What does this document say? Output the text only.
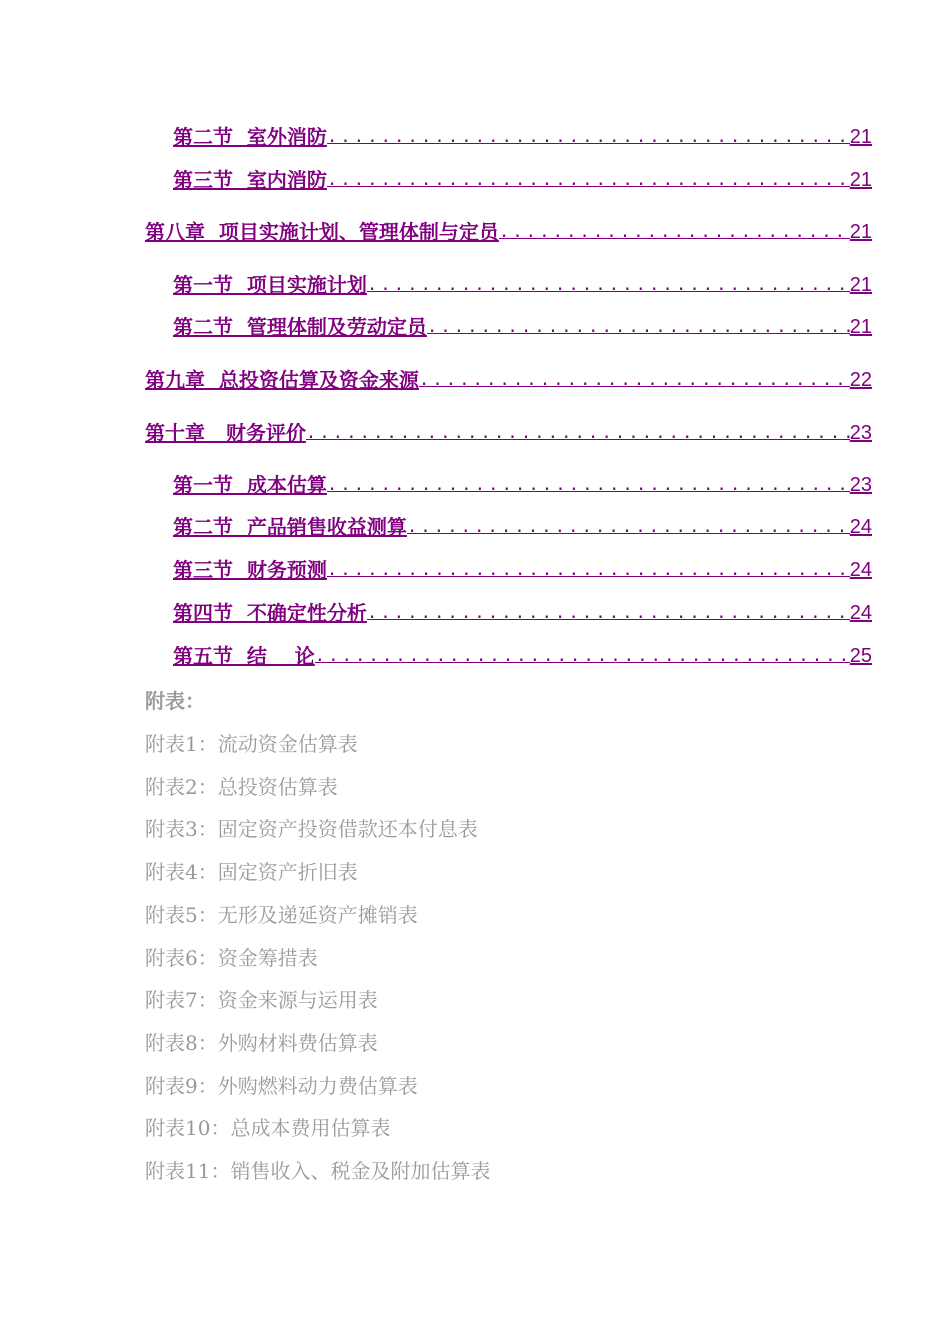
第二节  室外消防 .....	21
第三节  室内消防 .....	21
第八章  项目实施计划、管理体制与定员 .....	21
第一节  项目实施计划 .....	21
第二节  管理体制及劳动定员 .....	21
第九章  总投资估算及资金来源 .....	22
第十章   财务评价 .....	23
第一节  成本估算 .....	23
第二节  产品销售收益测算 .....	24
第三节  财务预测 .....	24
第四节  不确定性分析 .....	24
第五节  结    论 .....	25
附表：
附表1：流动资金估算表
附表2：总投资估算表
附表3：固定资产投资借款还本付息表
附表4：固定资产折旧表
附表5：无形及递延资产摊销表
附表6：资金筹措表
附表7：资金来源与运用表
附表8：外购材料费估算表
附表9：外购燃料动力费估算表
附表10：总成本费用估算表
附表11：销售收入、税金及附加估算表
